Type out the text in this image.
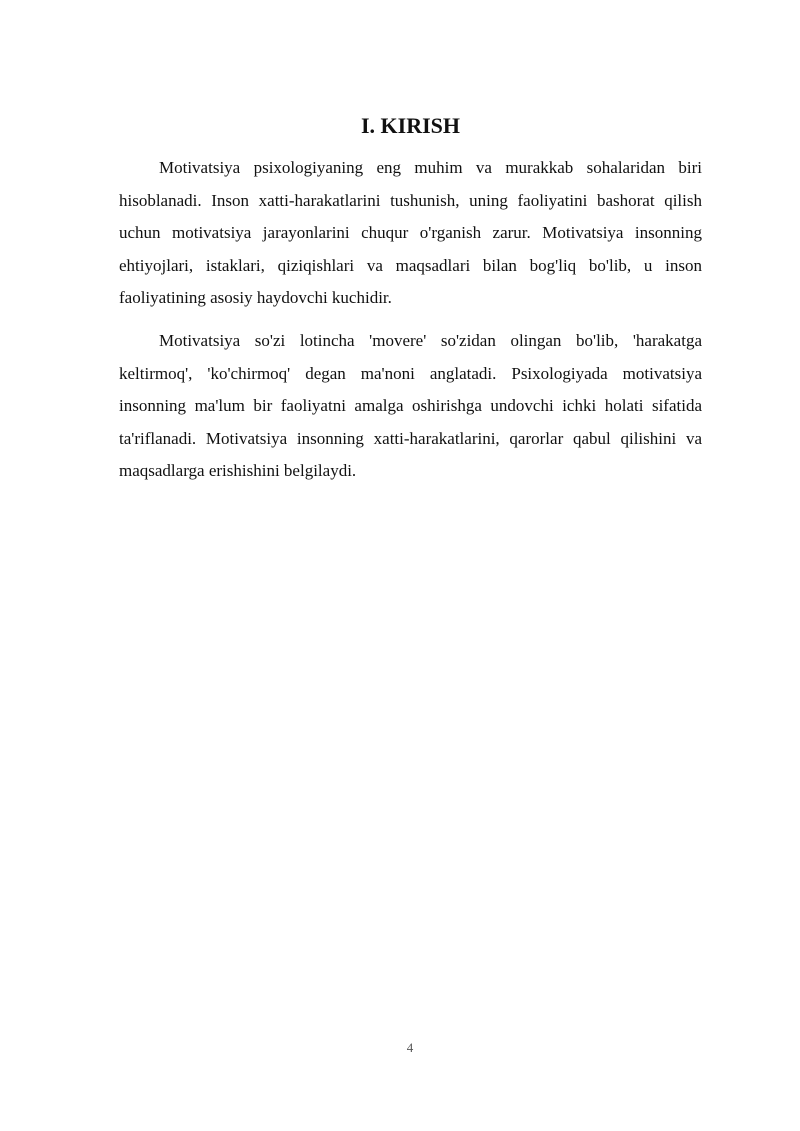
I. KIRISH

Motivatsiya psixologiyaning eng muhim va murakkab sohalaridan biri hisoblanadi. Inson xatti-harakatlarini tushunish, uning faoliyatini bashorat qilish uchun motivatsiya jarayonlarini chuqur o'rganish zarur. Motivatsiya insonning ehtiyojlari, istaklari, qiziqishlari va maqsadlari bilan bog'liq bo'lib, u inson faoliyatining asosiy haydovchi kuchidir.

Motivatsiya so'zi lotincha 'movere' so'zidan olingan bo'lib, 'harakatga keltirmoq', 'ko'chirmoq' degan ma'noni anglatadi. Psixologiyada motivatsiya insonning ma'lum bir faoliyatni amalga oshirishga undovchi ichki holati sifatida ta'riflanadi. Motivatsiya insonning xatti-harakatlarini, qarorlar qabul qilishini va maqsadlarga erishishini belgilaydi.

4
